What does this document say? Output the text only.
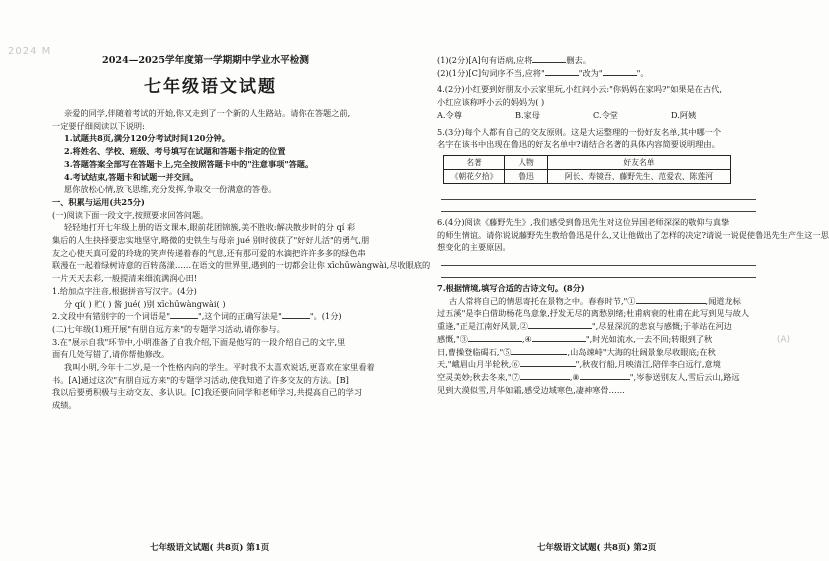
2024 M
2024—2025学年度第一学期期中学业水平检测
七年级语文试题
亲爱的同学,伴随着考试的开始,你又走到了一个新的人生路站。请你在答题之前,
一定要仔细阅读以下说明:
1.试题共8页,满分120分考试时间120分钟。
2.将姓名、学校、班级、考号填写在试题和答题卡指定的位置
3.答题答案全部写在答题卡上,完全按照答题卡中的"注意事项"答题。
4.考试结束,答题卡和试题一并交回。
愿你放松心情,放飞思维,充分发挥,争取交一份满意的答卷。
一、积累与运用(共25分)
(一)阅读下面一段文字,按照要求回答问题。
轻轻地打开七年级上册的语文课本,眼前花团锦簇,美不胜收:解决散步时的分 qí 彩
集后的人生抉择要忠实地坚守,略微的史铁生与母亲 jué 别时彼获了"好好儿活"的勇气,朋
友之心使天真可爱的玲珑的笑声传递着春的气息,还有那可爱的水滴把许许多多的绿色串
联漫在一起着绿树诗意的百转荡漾……在语文的世界里,遇到的一切都会让你 xīchūwàngwài,尽收眼底的
一片天天去彩,一般提清来细流满润心田!
1.给加点字注音,根据拼音写汉字。(4分)
分 qí( ) 贮( ) 酱 jué( )别 xīchūwàngwài( )
2.文段中有错别字的一个词语是"	",这个词的正确写法是"	"。(1分)
(二)七年级(1)班开展"有朋自远方来"的专题学习活动,请你参与。
3.在"展示自我"环节中,小明准备了自我介绍,下面是他写的一段介绍自己的文字,里
面有几处写错了,请你帮他修改。
我叫小明,今年十二岁,是一个性格内向的学生。平时我不太喜欢说话,更喜欢在家里看着
书。[A]通过这次"有朋自远方来"的专题学习活动,使我知道了许多交友的方法。[B]
我以后要勇积极与主动交友、多认识。[C]我还要向同学和老师学习,共提高自己的学习
成绩。
七年级语文试题( 共8页) 第1页
(1)(2分)[A]句有语病,应将	删去。
(2)(1分)[C]句词序不当,应将"	"改为"	"。
4.(2分)小红要到好朋友小云家里玩,小红问小云:"你妈妈在家吗?"如果是在古代,
小红应该称呼小云的妈妈为( )
A.令尊	B.家母	C.令堂	D.阿姨
5.(3分)每个人都有自己的交友原则。这是大运整理的一份好友名单,其中哪一个
名字在该书中出现在鲁迅的好友名单中?请结合名著的具体内容简要说明理由。
名著	人物	好友名单
《朝花夕拾》	鲁迅	阿长、寿镜吾、藤野先生、范爱农、陈莲河
6.(4分)阅读《藤野先生》,我们感受到鲁迅先生对这位异国老师深深的敬仰与真挚
的师生情谊。请你说说藤野先生教给鲁迅是什么,又让他做出了怎样的决定?请说一说促使鲁迅先生产生这一思
想变化的主要原因。
7.根据情境,填写合适的古诗文句。(8分)
古人常将自己的情思寄托在景物之中。春春时节,"①	,闻道龙标
过五溪"是李白借助杨花鸟意象,抒发无尽的离愁别绪;杜甫病衰的杜甫在此写到见与故人
重逢,"正是江南好风景,②	",尽显深沉的悲哀与感慨;于菲站在河边
感慨,"③	,④	",时光如流水,一去不回;转眼到了秋
日,曹操登临碣石,"⑤	,山岛竦峙"大海的壮阔景象尽收眼底;在秋
天,"峨眉山月半轮秋,⑥	",秋夜行船,月映清江,陪伴李白远行,意境
空灵美妙;秋去冬来,"⑦	,⑧	",岑参送别友人,雪后云山,路远
见到大漠似雪,月华如霜,感受边域寒色,凄神寒骨……
(A)
七年级语文试题( 共8页) 第2页
